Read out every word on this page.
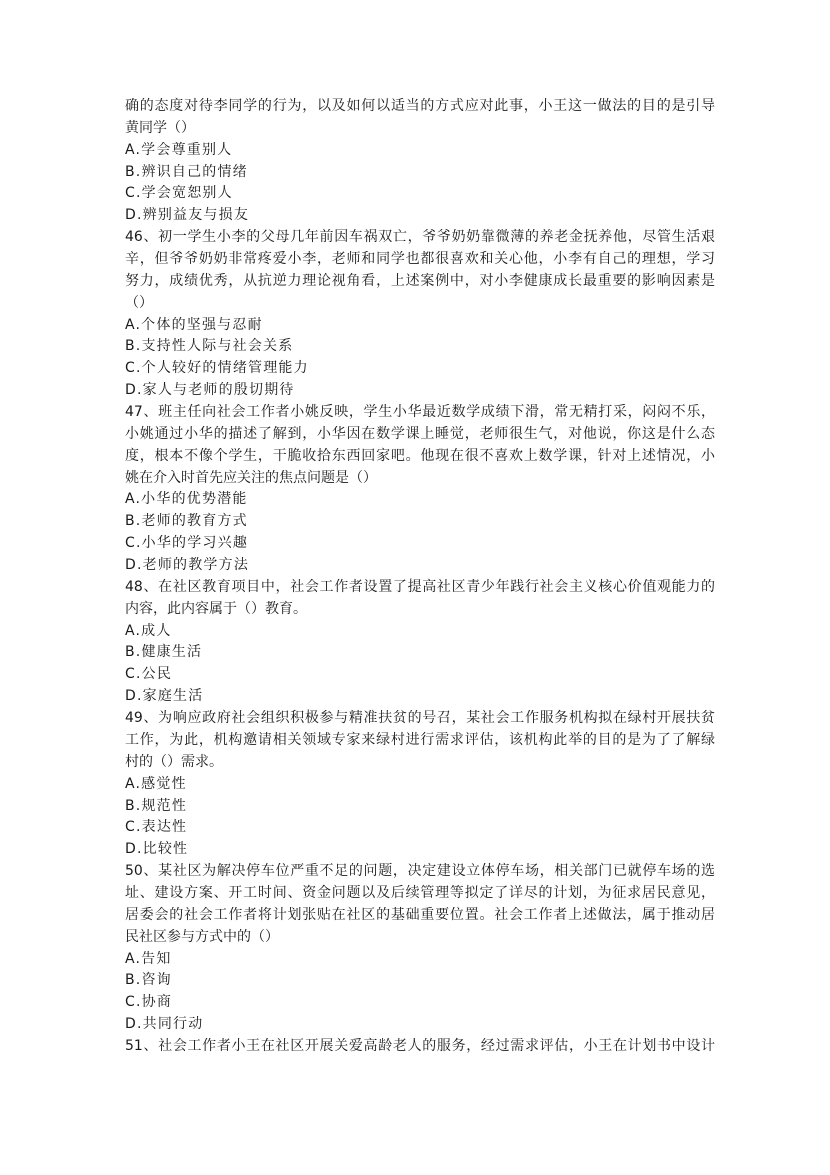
确的态度对待李同学的行为，以及如何以适当的方式应对此事，小王这一做法的目的是引导
黄同学（）
A.学会尊重别人
B.辨识自己的情绪
C.学会宽恕别人
D.辨别益友与损友
46、初一学生小李的父母几年前因车祸双亡，爷爷奶奶靠微薄的养老金抚养他，尽管生活艰
辛，但爷爷奶奶非常疼爱小李，老师和同学也都很喜欢和关心他，小李有自己的理想，学习
努力，成绩优秀，从抗逆力理论视角看，上述案例中，对小李健康成长最重要的影响因素是
（）
A.个体的坚强与忍耐
B.支持性人际与社会关系
C.个人较好的情绪管理能力
D.家人与老师的殷切期待
47、班主任向社会工作者小姚反映，学生小华最近数学成绩下滑，常无精打采，闷闷不乐，
小姚通过小华的描述了解到，小华因在数学课上睡觉，老师很生气，对他说，你这是什么态
度，根本不像个学生，干脆收拾东西回家吧。他现在很不喜欢上数学课，针对上述情况，小
姚在介入时首先应关注的焦点问题是（）
A.小华的优势潜能
B.老师的教育方式
C.小华的学习兴趣
D.老师的教学方法
48、在社区教育项目中，社会工作者设置了提高社区青少年践行社会主义核心价值观能力的
内容，此内容属于（）教育。
A.成人
B.健康生活
C.公民
D.家庭生活
49、为响应政府社会组织积极参与精准扶贫的号召，某社会工作服务机构拟在绿村开展扶贫
工作，为此，机构邀请相关领域专家来绿村进行需求评估，该机构此举的目的是为了了解绿
村的（）需求。
A.感觉性
B.规范性
C.表达性
D.比较性
50、某社区为解决停车位严重不足的问题，决定建设立体停车场，相关部门已就停车场的选
址、建设方案、开工时间、资金问题以及后续管理等拟定了详尽的计划，为征求居民意见，
居委会的社会工作者将计划张贴在社区的基础重要位置。社会工作者上述做法，属于推动居
民社区参与方式中的（）
A.告知
B.咨询
C.协商
D.共同行动
51、社会工作者小王在社区开展关爱高龄老人的服务，经过需求评估，小王在计划书中设计
